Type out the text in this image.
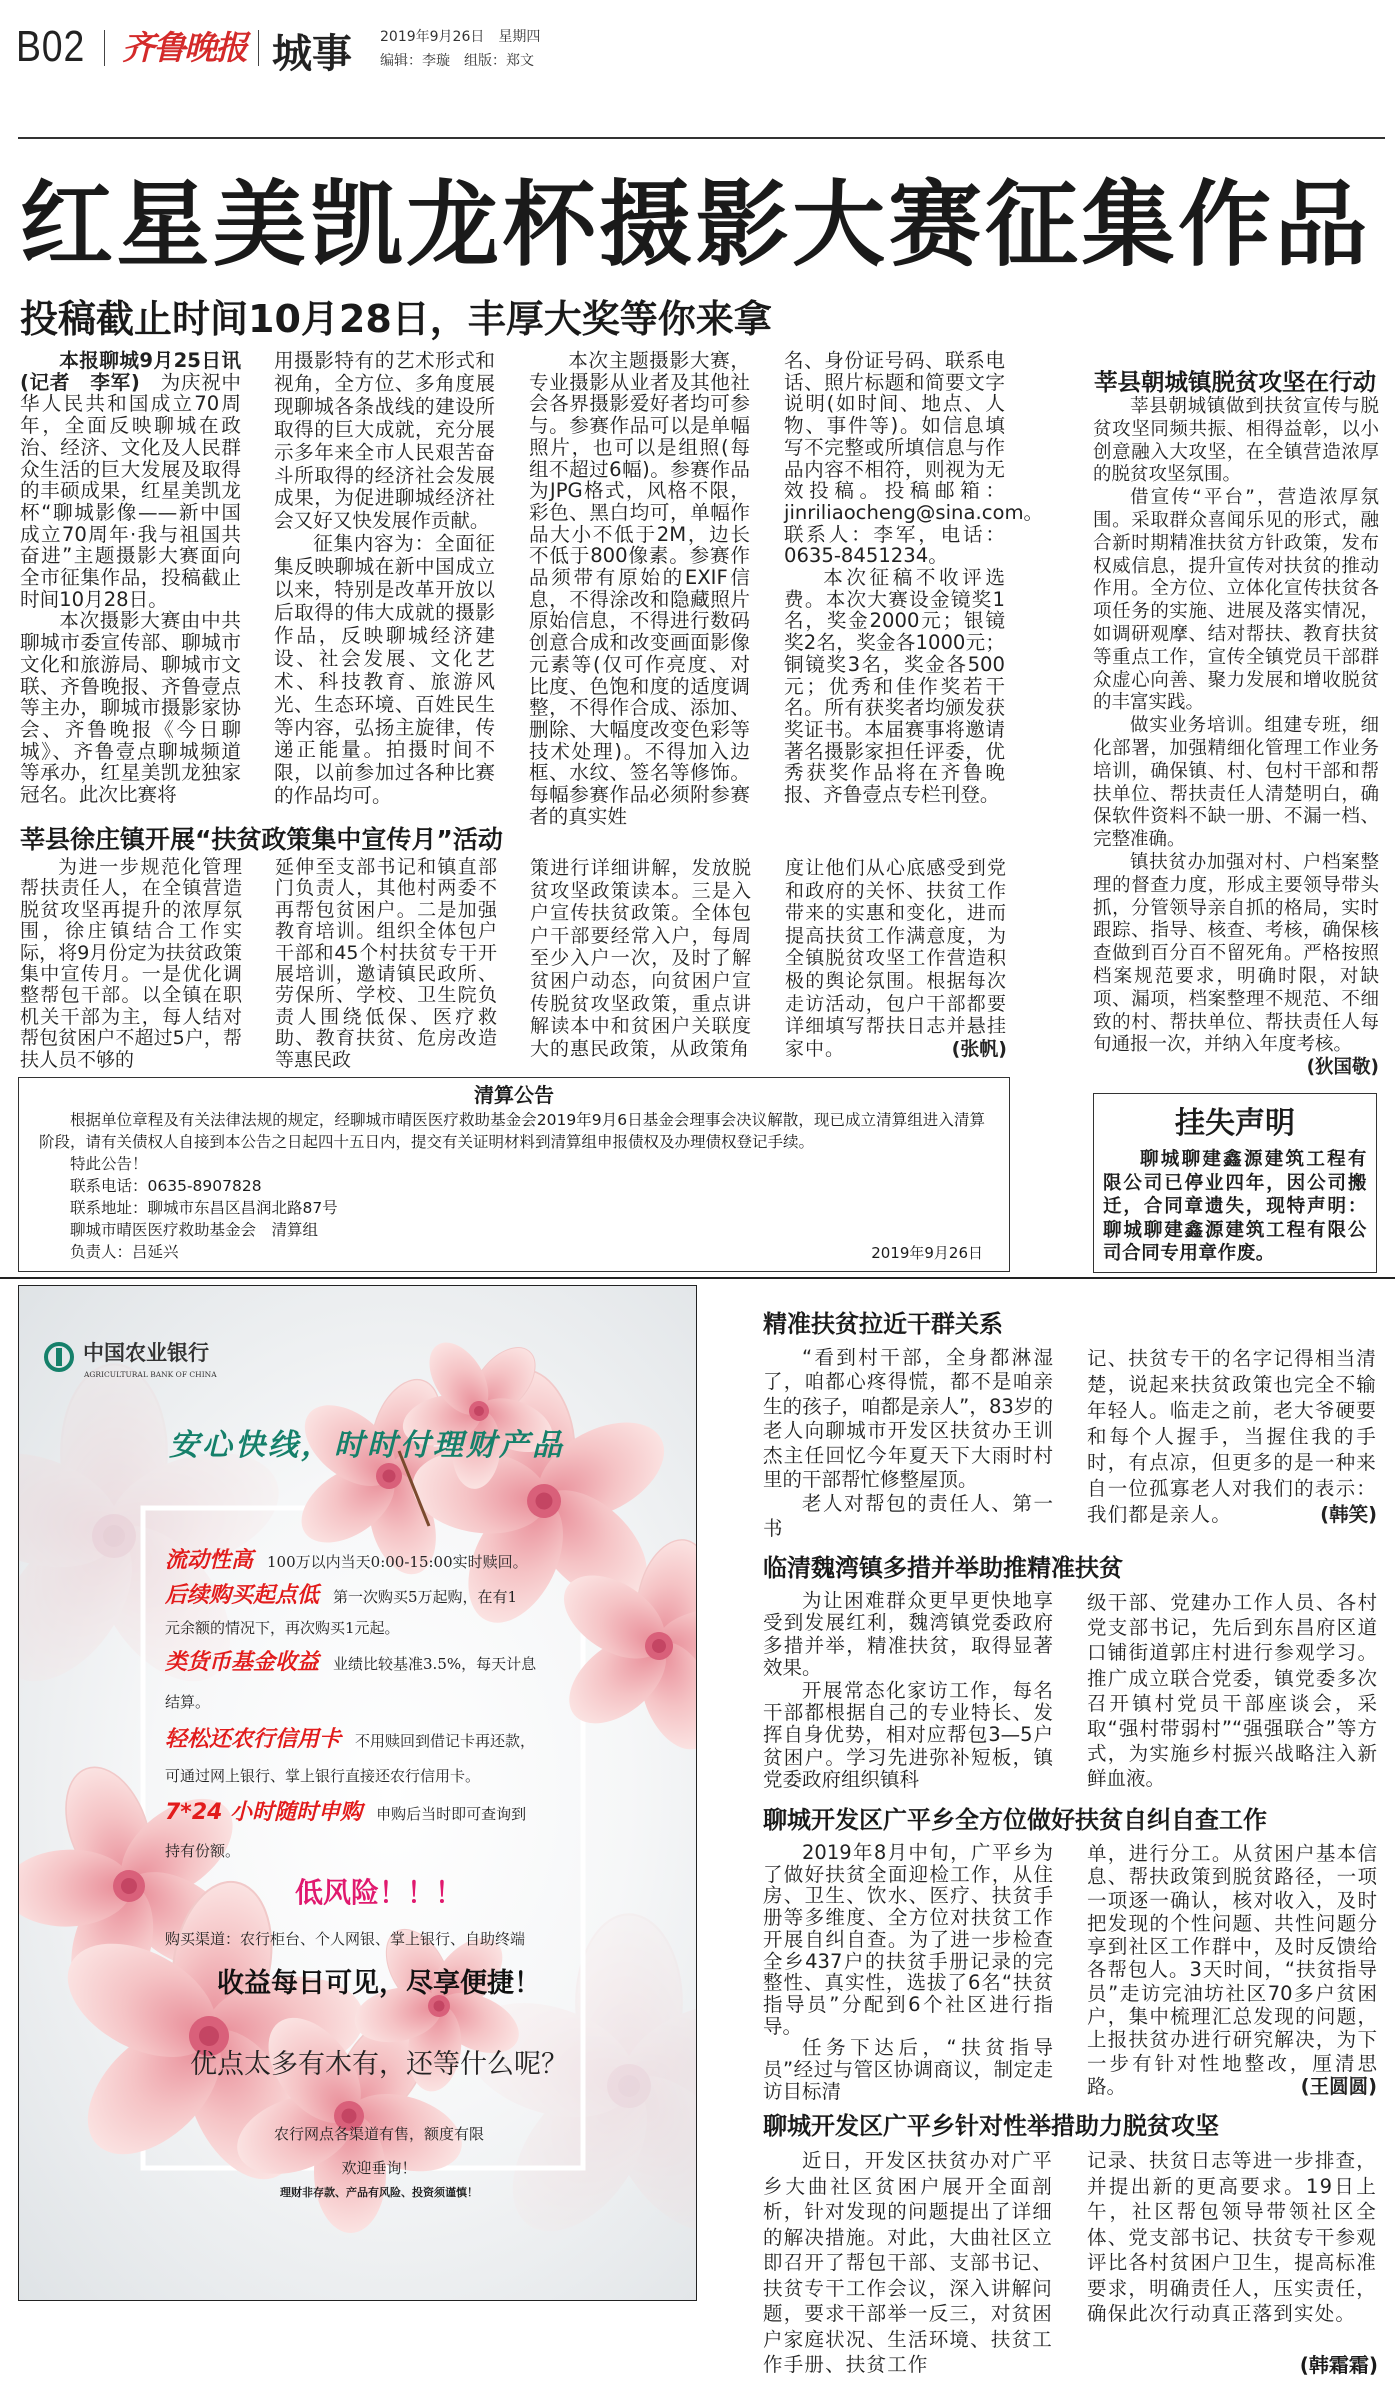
B02 齐鲁晚报 城事 2019年9月26日　星期四
编辑：李璇　组版：郑文
红星美凯龙杯摄影大赛征集作品
投稿截止时间10月28日，丰厚大奖等你来拿
本报聊城9月25日讯(记者　李军)　为庆祝中华人民共和国成立70周年，全面反映聊城在政治、经济、文化及人民群众生活的巨大发展及取得的丰硕成果，红星美凯龙杯“聊城影像——新中国成立70周年·我与祖国共奋进”主题摄影大赛面向全市征集作品，投稿截止时间10月28日。
本次摄影大赛由中共聊城市委宣传部、聊城市文化和旅游局、聊城市文联、齐鲁晚报、齐鲁壹点等主办，聊城市摄影家协会、齐鲁晚报《今日聊城》、齐鲁壹点聊城频道等承办，红星美凯龙独家冠名。此次比赛将
用摄影特有的艺术形式和视角，全方位、多角度展现聊城各条战线的建设所取得的巨大成就，充分展示多年来全市人民艰苦奋斗所取得的经济社会发展成果，为促进聊城经济社会又好又快发展作贡献。
征集内容为：全面征集反映聊城在新中国成立以来，特别是改革开放以后取得的伟大成就的摄影作品，反映聊城经济建设、社会发展、文化艺术、科技教育、旅游风光、生态环境、百姓民生等内容，弘扬主旋律，传递正能量。拍摄时间不限，以前参加过各种比赛的作品均可。
本次主题摄影大赛，专业摄影从业者及其他社会各界摄影爱好者均可参与。参赛作品可以是单幅照片，也可以是组照(每组不超过6幅)。参赛作品为JPG格式，风格不限，彩色、黑白均可，单幅作品大小不低于2M，边长不低于800像素。参赛作品须带有原始的EXIF信息，不得涂改和隐藏照片原始信息，不得进行数码创意合成和改变画面影像元素等(仅可作亮度、对比度、色饱和度的适度调整，不得作合成、添加、删除、大幅度改变色彩等技术处理)。不得加入边框、水纹、签名等修饰。每幅参赛作品必须附参赛者的真实姓
名、身份证号码、联系电话、照片标题和简要文字说明(如时间、地点、人物、事件等)。如信息填写不完整或所填信息与作品内容不相符，则视为无效投稿。投稿邮箱：jinriliaocheng@sina.com。联系人：李军，电话：0635-8451234。
本次征稿不收评选费。本次大赛设金镜奖1名，奖金2000元；银镜奖2名，奖金各1000元；铜镜奖3名，奖金各500元；优秀和佳作奖若干名。所有获奖者均颁发获奖证书。本届赛事将邀请著名摄影家担任评委，优秀获奖作品将在齐鲁晚报、齐鲁壹点专栏刊登。
莘县朝城镇脱贫攻坚在行动
莘县朝城镇做到扶贫宣传与脱贫攻坚同频共振、相得益彰，以小创意融入大攻坚，在全镇营造浓厚的脱贫攻坚氛围。
借宣传“平台”，营造浓厚氛围。采取群众喜闻乐见的形式，融合新时期精准扶贫方针政策，发布权威信息，提升宣传对扶贫的推动作用。全方位、立体化宣传扶贫各项任务的实施、进展及落实情况，如调研观摩、结对帮扶、教育扶贫等重点工作，宣传全镇党员干部群众虚心向善、聚力发展和增收脱贫的丰富实践。
做实业务培训。组建专班，细化部署，加强精细化管理工作业务培训，确保镇、村、包村干部和帮扶单位、帮扶责任人清楚明白，确保软件资料不缺一册、不漏一档、完整准确。
镇扶贫办加强对村、户档案整理的督查力度，形成主要领导带头抓，分管领导亲自抓的格局，实时跟踪、指导、核查、考核，确保核查做到百分百不留死角。严格按照档案规范要求，明确时限，对缺项、漏项，档案整理不规范、不细致的村、帮扶单位、帮扶责任人每旬通报一次，并纳入年度考核。
(狄国敬)
莘县徐庄镇开展“扶贫政策集中宣传月”活动
为进一步规范化管理帮扶责任人，在全镇营造脱贫攻坚再提升的浓厚氛围，徐庄镇结合工作实际，将9月份定为扶贫政策集中宣传月。一是优化调整帮包干部。以全镇在职机关干部为主，每人结对帮包贫困户不超过5户，帮扶人员不够的
延伸至支部书记和镇直部门负责人，其他村两委不再帮包贫困户。二是加强教育培训。组织全体包户干部和45个村扶贫专干开展培训，邀请镇民政所、劳保所、学校、卫生院负责人围绕低保、医疗救助、教育扶贫、危房改造等惠民政
策进行详细讲解，发放脱贫攻坚政策读本。三是入户宣传扶贫政策。全体包户干部要经常入户，每周至少入户一次，及时了解贫困户动态，向贫困户宣传脱贫攻坚政策，重点讲解读本中和贫困户关联度大的惠民政策，从政策角
度让他们从心底感受到党和政府的关怀、扶贫工作带来的实惠和变化，进而提高扶贫工作满意度，为全镇脱贫攻坚工作营造积极的舆论氛围。根据每次走访活动，包户干部都要详细填写帮扶日志并悬挂家中。	(张帆)
清算公告
根据单位章程及有关法律法规的规定，经聊城市晴医医疗救助基金会2019年9月6日基金会理事会决议解散，现已成立清算组进入清算阶段，请有关债权人自接到本公告之日起四十五日内，提交有关证明材料到清算组申报债权及办理债权登记手续。
特此公告！
联系电话：0635-8907828
联系地址：聊城市东昌区昌润北路87号
聊城市晴医医疗救助基金会　清算组
负责人：吕延兴	2019年9月26日
挂失声明
聊城聊建鑫源建筑工程有限公司已停业四年，因公司搬迁，合同章遗失，现特声明：聊城聊建鑫源建筑工程有限公司合同专用章作废。
中国农业银行
AGRICULTURAL BANK OF CHINA
安心快线，时时付理财产品
流动性高 100万以内当天0:00-15:00实时赎回。
后续购买起点低 第一次购买5万起购，在有1
元余额的情况下，再次购买1元起。
类货币基金收益 业绩比较基准3.5%，每天计息
结算。
轻松还农行信用卡 不用赎回到借记卡再还款，
可通过网上银行、掌上银行直接还农行信用卡。
7*24 小时随时申购 申购后当时即可查询到
持有份额。
低风险！！！
购买渠道：农行柜台、个人网银、掌上银行、自助终端
收益每日可见，尽享便捷！
优点太多有木有，还等什么呢？
农行网点各渠道有售，额度有限
欢迎垂询！
理财非存款、产品有风险、投资须谨慎！
精准扶贫拉近干群关系
“看到村干部，全身都淋湿了，咱都心疼得慌，都不是咱亲生的孩子，咱都是亲人”，83岁的老人向聊城市开发区扶贫办王训杰主任回忆今年夏天下大雨时村里的干部帮忙修整屋顶。
老人对帮包的责任人、第一书
记、扶贫专干的名字记得相当清楚，说起来扶贫政策也完全不输年轻人。临走之前，老大爷硬要和每个人握手，当握住我的手时，有点凉，但更多的是一种来自一位孤寡老人对我们的表示：我们都是亲人。	(韩笑)
临清魏湾镇多措并举助推精准扶贫
为让困难群众更早更快地享受到发展红利，魏湾镇党委政府多措并举，精准扶贫，取得显著效果。
开展常态化家访工作，每名干部都根据自己的专业特长、发挥自身优势，相对应帮包3—5户贫困户。学习先进弥补短板，镇党委政府组织镇科
级干部、党建办工作人员、各村党支部书记，先后到东昌府区道口铺街道郭庄村进行参观学习。推广成立联合党委，镇党委多次召开镇村党员干部座谈会，采取“强村带弱村”“强强联合”等方式，为实施乡村振兴战略注入新鲜血液。
聊城开发区广平乡全方位做好扶贫自纠自查工作
2019年8月中旬，广平乡为了做好扶贫全面迎检工作，从住房、卫生、饮水、医疗、扶贫手册等多维度、全方位对扶贫工作开展自纠自查。为了进一步检查全乡437户的扶贫手册记录的完整性、真实性，选拔了6名“扶贫指导员”分配到6个社区进行指导。
任务下达后，“扶贫指导员”经过与管区协调商议，制定走访目标清
单，进行分工。从贫困户基本信息、帮扶政策到脱贫路径，一项一项逐一确认，核对收入，及时把发现的个性问题、共性问题分享到社区工作群中，及时反馈给各帮包人。3天时间，“扶贫指导员”走访完油坊社区70多户贫困户，集中梳理汇总发现的问题，上报扶贫办进行研究解决，为下一步有针对性地整改，厘清思路。	(王圆圆)
聊城开发区广平乡针对性举措助力脱贫攻坚
近日，开发区扶贫办对广平乡大曲社区贫困户展开全面剖析，针对发现的问题提出了详细的解决措施。对此，大曲社区立即召开了帮包干部、支部书记、扶贫专干工作会议，深入讲解问题，要求干部举一反三，对贫困户家庭状况、生活环境、扶贫工作手册、扶贫工作
记录、扶贫日志等进一步排查，并提出新的更高要求。19日上午，社区帮包领导带领社区全体、党支部书记、扶贫专干参观评比各村贫困户卫生，提高标准要求，明确责任人，压实责任，确保此次行动真正落到实处。
(韩霜霜)
